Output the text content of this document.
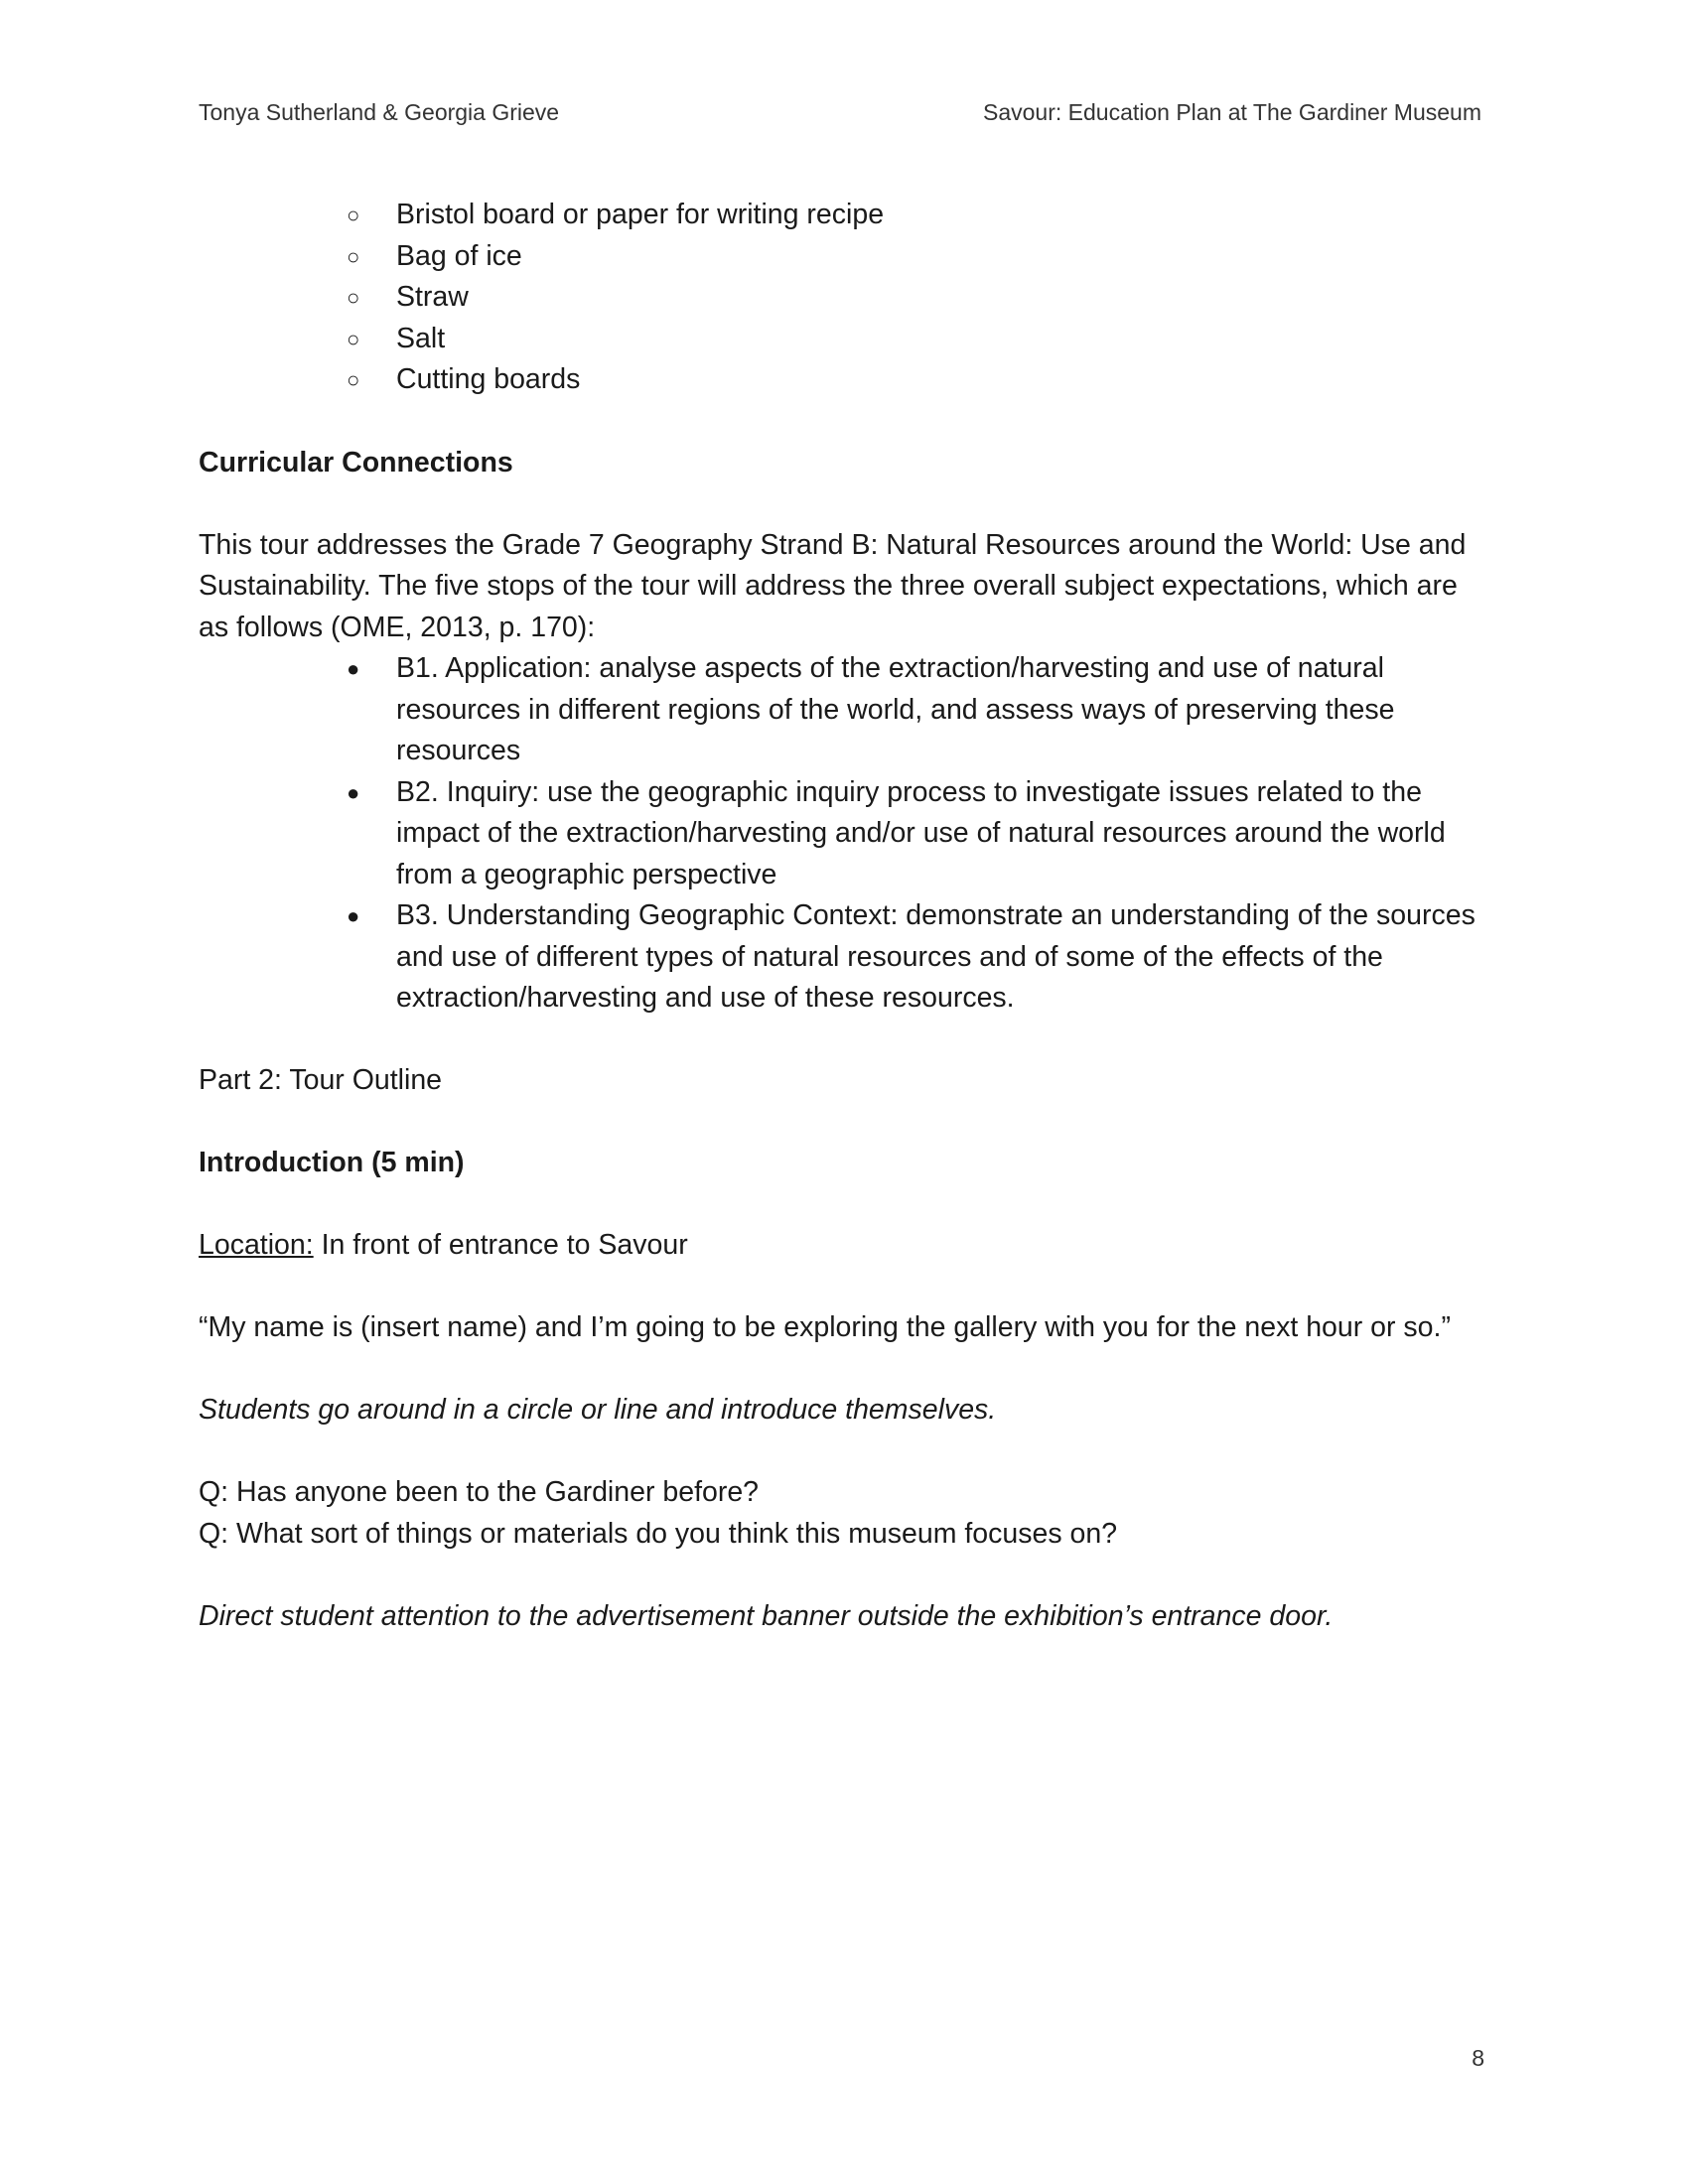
Tonya Sutherland & Georgia Grieve	Savour: Education Plan at The Gardiner Museum
○ Bristol board or paper for writing recipe
○ Bag of ice
○ Straw
○ Salt
○ Cutting boards

Curricular Connections

This tour addresses the Grade 7 Geography Strand B: Natural Resources around the World: Use and Sustainability. The five stops of the tour will address the three overall subject expectations, which are as follows (OME, 2013, p. 170):

● B1. Application: analyse aspects of the extraction/harvesting and use of natural resources in different regions of the world, and assess ways of preserving these resources
● B2. Inquiry: use the geographic inquiry process to investigate issues related to the impact of the extraction/harvesting and/or use of natural resources around the world from a geographic perspective
● B3. Understanding Geographic Context: demonstrate an understanding of the sources and use of different types of natural resources and of some of the effects of the extraction/harvesting and use of these resources.

Part 2: Tour Outline

Introduction (5 min)

Location: In front of entrance to Savour

“My name is (insert name) and I’m going to be exploring the gallery with you for the next hour or so.”

Students go around in a circle or line and introduce themselves.

Q: Has anyone been to the Gardiner before?

Q: What sort of things or materials do you think this museum focuses on?

Direct student attention to the advertisement banner outside the exhibition’s entrance door.

8
